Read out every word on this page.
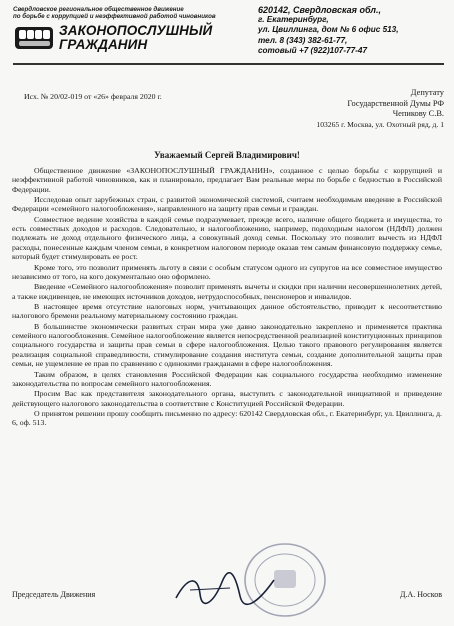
Свердловское региональное общественное движение
по борьбе с коррупцией и неэффективной работой чиновников
ЗАКОНОПОСЛУШНЫЙ
ГРАЖДАНИН
620142, Свердловская обл.,
г. Екатеринбург,
ул. Цвиллинга, дом № 6 офис 513,
тел. 8 (343) 382-61-77,
сотовый +7 (922)107-77-47
Исх. № 20/02-019 от «26» февраля 2020 г.	Депутату
Государственной Думы РФ
Чепикову С.В.
103265 г. Москва, ул. Охотный ряд, д. 1
Уважаемый Сергей Владимирович!

Общественное движение «ЗАКОНОПОСЛУШНЫЙ ГРАЖДАНИН», созданное с целью борьбы с коррупцией и неэффективной работой чиновников, как и планировало, предлагает Вам реальные меры по борьбе с бедностью в Российской Федерации.

Исследовав опыт зарубежных стран, с развитой экономической системой, считаем необходимым введение в Российской Федерации «семейного налогообложения», направленного на защиту прав семьи и граждан.

Совместное ведение хозяйства в каждой семье подразумевает, прежде всего, наличие общего бюджета и имущества, то есть совместных доходов и расходов. Следовательно, и налогообложению, например, подоходным налогом (НДФЛ) должен подлежать не доход отдельного физического лица, а совокупный доход семьи. Поскольку это позволит вычесть из НДФЛ расходы, понесенные каждым членом семьи, в конкретном налоговом периоде оказав тем самым финансовую поддержку семье, который будет стимулировать ее рост.

Кроме того, это позволит применять льготу в связи с особым статусом одного из супругов на все совместное имущество независимо от того, на кого документально оно оформлено.

Введение «Семейного налогообложения» позволит применять вычеты и скидки при наличии несовершеннолетних детей, а также иждивенцев, не имеющих источников доходов, нетрудоспособных, пенсионеров и инвалидов.

В настоящее время отсутствие налоговых норм, учитывающих данное обстоятельство, приводит к несоответствию налогового бремени реальному материальному состоянию граждан.

В большинстве экономически развитых стран мира уже давно законодательно закреплено и применяется практика семейного налогообложения. Семейное налогообложение является непосредственной реализацией конституционных принципов социального государства и защиты прав семьи в сфере налогообложения. Целью такого правового регулирования является реализация социальной справедливости, стимулирование создания института семьи, создание дополнительной защиты прав семьи, не ущемление ее прав по сравнению с одинокими гражданами в сфере налогообложения.

Таким образом, в целях становления Российской Федерации как социального государства необходимо изменение законодательства по вопросам семейного налогообложения.

Просим Вас как представителя законодательного органа, выступить с законодательной инициативой и приведение действующего налогового законодательства в соответствие с Конституцией Российской Федерации.

О принятом решении прошу сообщить письменно по адресу: 620142 Свердловская обл., г. Екатеринбург, ул. Цвиллинга, д. 6, оф. 513.

Председатель Движения	Д.А. Носков
